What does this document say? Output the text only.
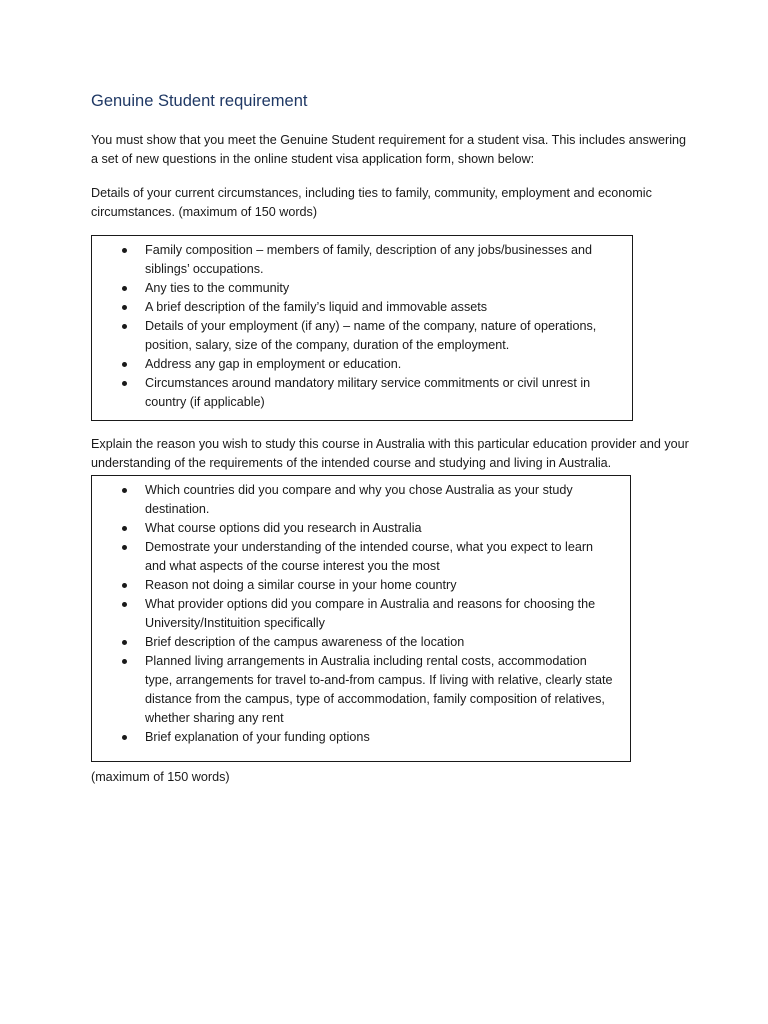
Genuine Student requirement

You must show that you meet the Genuine Student requirement for a student visa. This includes answering a set of new questions in the online student visa application form, shown below:

Details of your current circumstances, including ties to family, community, employment and economic circumstances. (maximum of 150 words)

Family composition – members of family, description of any jobs/businesses and siblings’ occupations.
Any ties to the community
A brief description of the family’s liquid and immovable assets
Details of your employment (if any) – name of the company, nature of operations, position, salary, size of the company, duration of the employment.
Address any gap in employment or education.
Circumstances around mandatory military service commitments or civil unrest in country (if applicable)

Explain the reason you wish to study this course in Australia with this particular education provider and your understanding of the requirements of the intended course and studying and living in Australia.

Which countries did you compare and why you chose Australia as your study destination.
What course options did you research in Australia
Demostrate your understanding of the intended course, what you expect to learn and what aspects of the course interest you the most
Reason not doing a similar course in your home country
What provider options did you compare in Australia and reasons for choosing the University/Instituition specifically
Brief description of the campus awareness of the location
Planned living arrangements in Australia including rental costs, accommodation type, arrangements for travel to-and-from campus. If living with relative, clearly state distance from the campus, type of accommodation, family composition of relatives, whether sharing any rent
Brief explanation of your funding options

(maximum of 150 words)
